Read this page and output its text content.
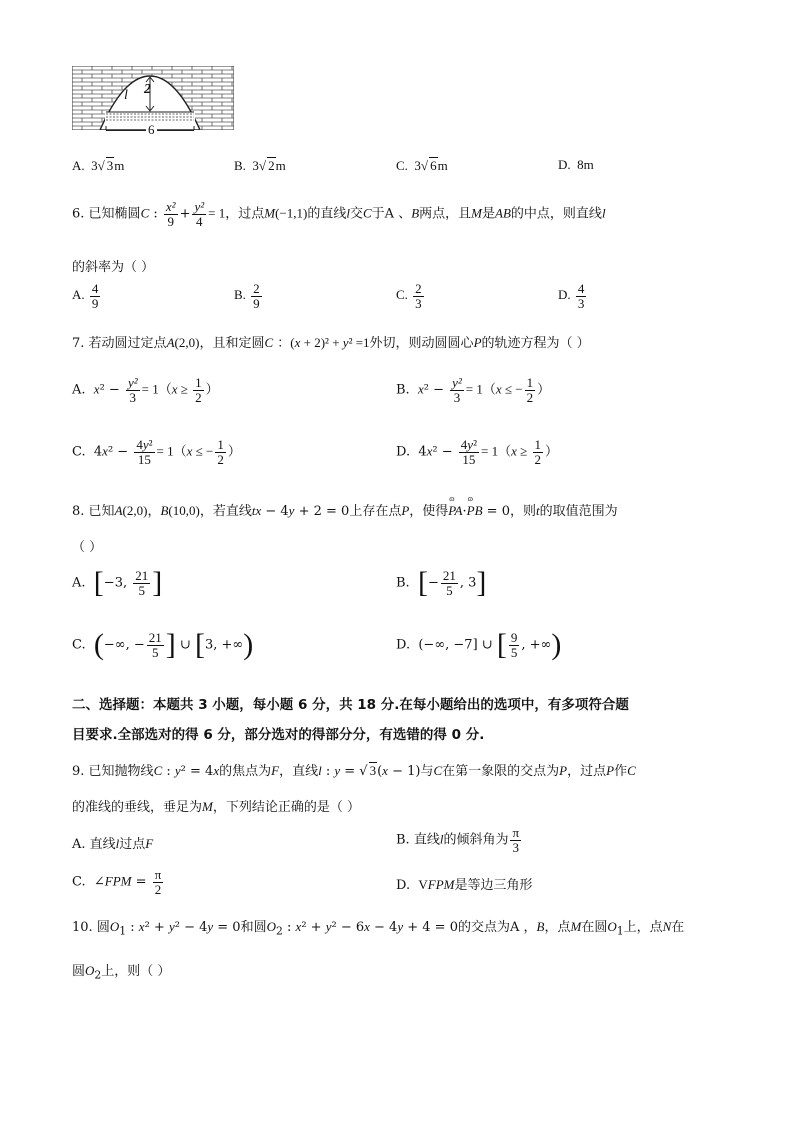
2
l
6
A. 3√ 3m	B. 3√ 2m	C. 3√ 6m	D. 8m
6. 已知椭圆C : $\frac{\text{x²}}{9} + \frac{\text{y²}}{4} = 1$，过点M(−1,1)的直线l交C于A 、B两点，且M是AB的中点，则直线l
的斜率为（ ）
A. $\frac{4}{9}$	B. $\frac{2}{9}$	C. $\frac{2}{3}$	D. $\frac{4}{3}$
7. 若动圆过定点A(2,0)，且和定圆C ：(x + 2)² + y² =1外切，则动圆圆心P的轨迹方程为（ ）
A. $x^2 - \frac{\text{y²}}{3} = 1(x \ge \frac{1}{2}$ ）	B. $x^2 - \frac{\text{y²}}{3} = 1(x$ ≤ − $\frac{1}{2}$ ）
C.  $4x^2 - \frac{\text{4y²}}{15} = 1(x$ ≤ − $\frac{1}{2}$ ）	D.  $4x^2 - \frac{\text{4y²}}{15} = 1(x \ge \frac{1}{2}$ ）
8. 已知A(2,0)，B(10,0)，若直线tx − 4y + 2 = 0上存在点P，使得ɷ PA·ɷ PB = 0，则t的取值范围为
（ ）
A. [−3, $\frac{21}{5}$ ]	B. [− $\frac{21}{5}$ , 3]
C. (−∞, − $\frac{21}{5}$ ] ∪ [3, +∞)	D.  (−∞, −7] ∪ [ $\frac{9}{5}$ , +∞)
二、选择题：本题共 3 小题，每小题 6 分，共 18 分.在每小题给出的选项中，有多项符合题
目要求.全部选对的得 6 分，部分选对的得部分分，有选错的得 0 分.
9. 已知抛物线C : y² = 4x的焦点为F，直线l : y = √ 3(x − 1)与C在第一象限的交点为P，过点P作C
的准线的垂线，垂足为M，下列结论正确的是（ ）
A. 直线l过点F	B. 直线l的倾斜角为 $\frac{\pi}{3}$
C.  ∠FPM = $\frac{\pi}{2}$	D. VFPM是等边三角形
10. 圆$O_1$ : x² + y² − 4y = 0和圆$O_2$ : x² + y² − 6x − 4y + 4 = 0的交点为A ，B，点M在圆$O_1$上，点N在
圆$O_2$上，则（ ）
